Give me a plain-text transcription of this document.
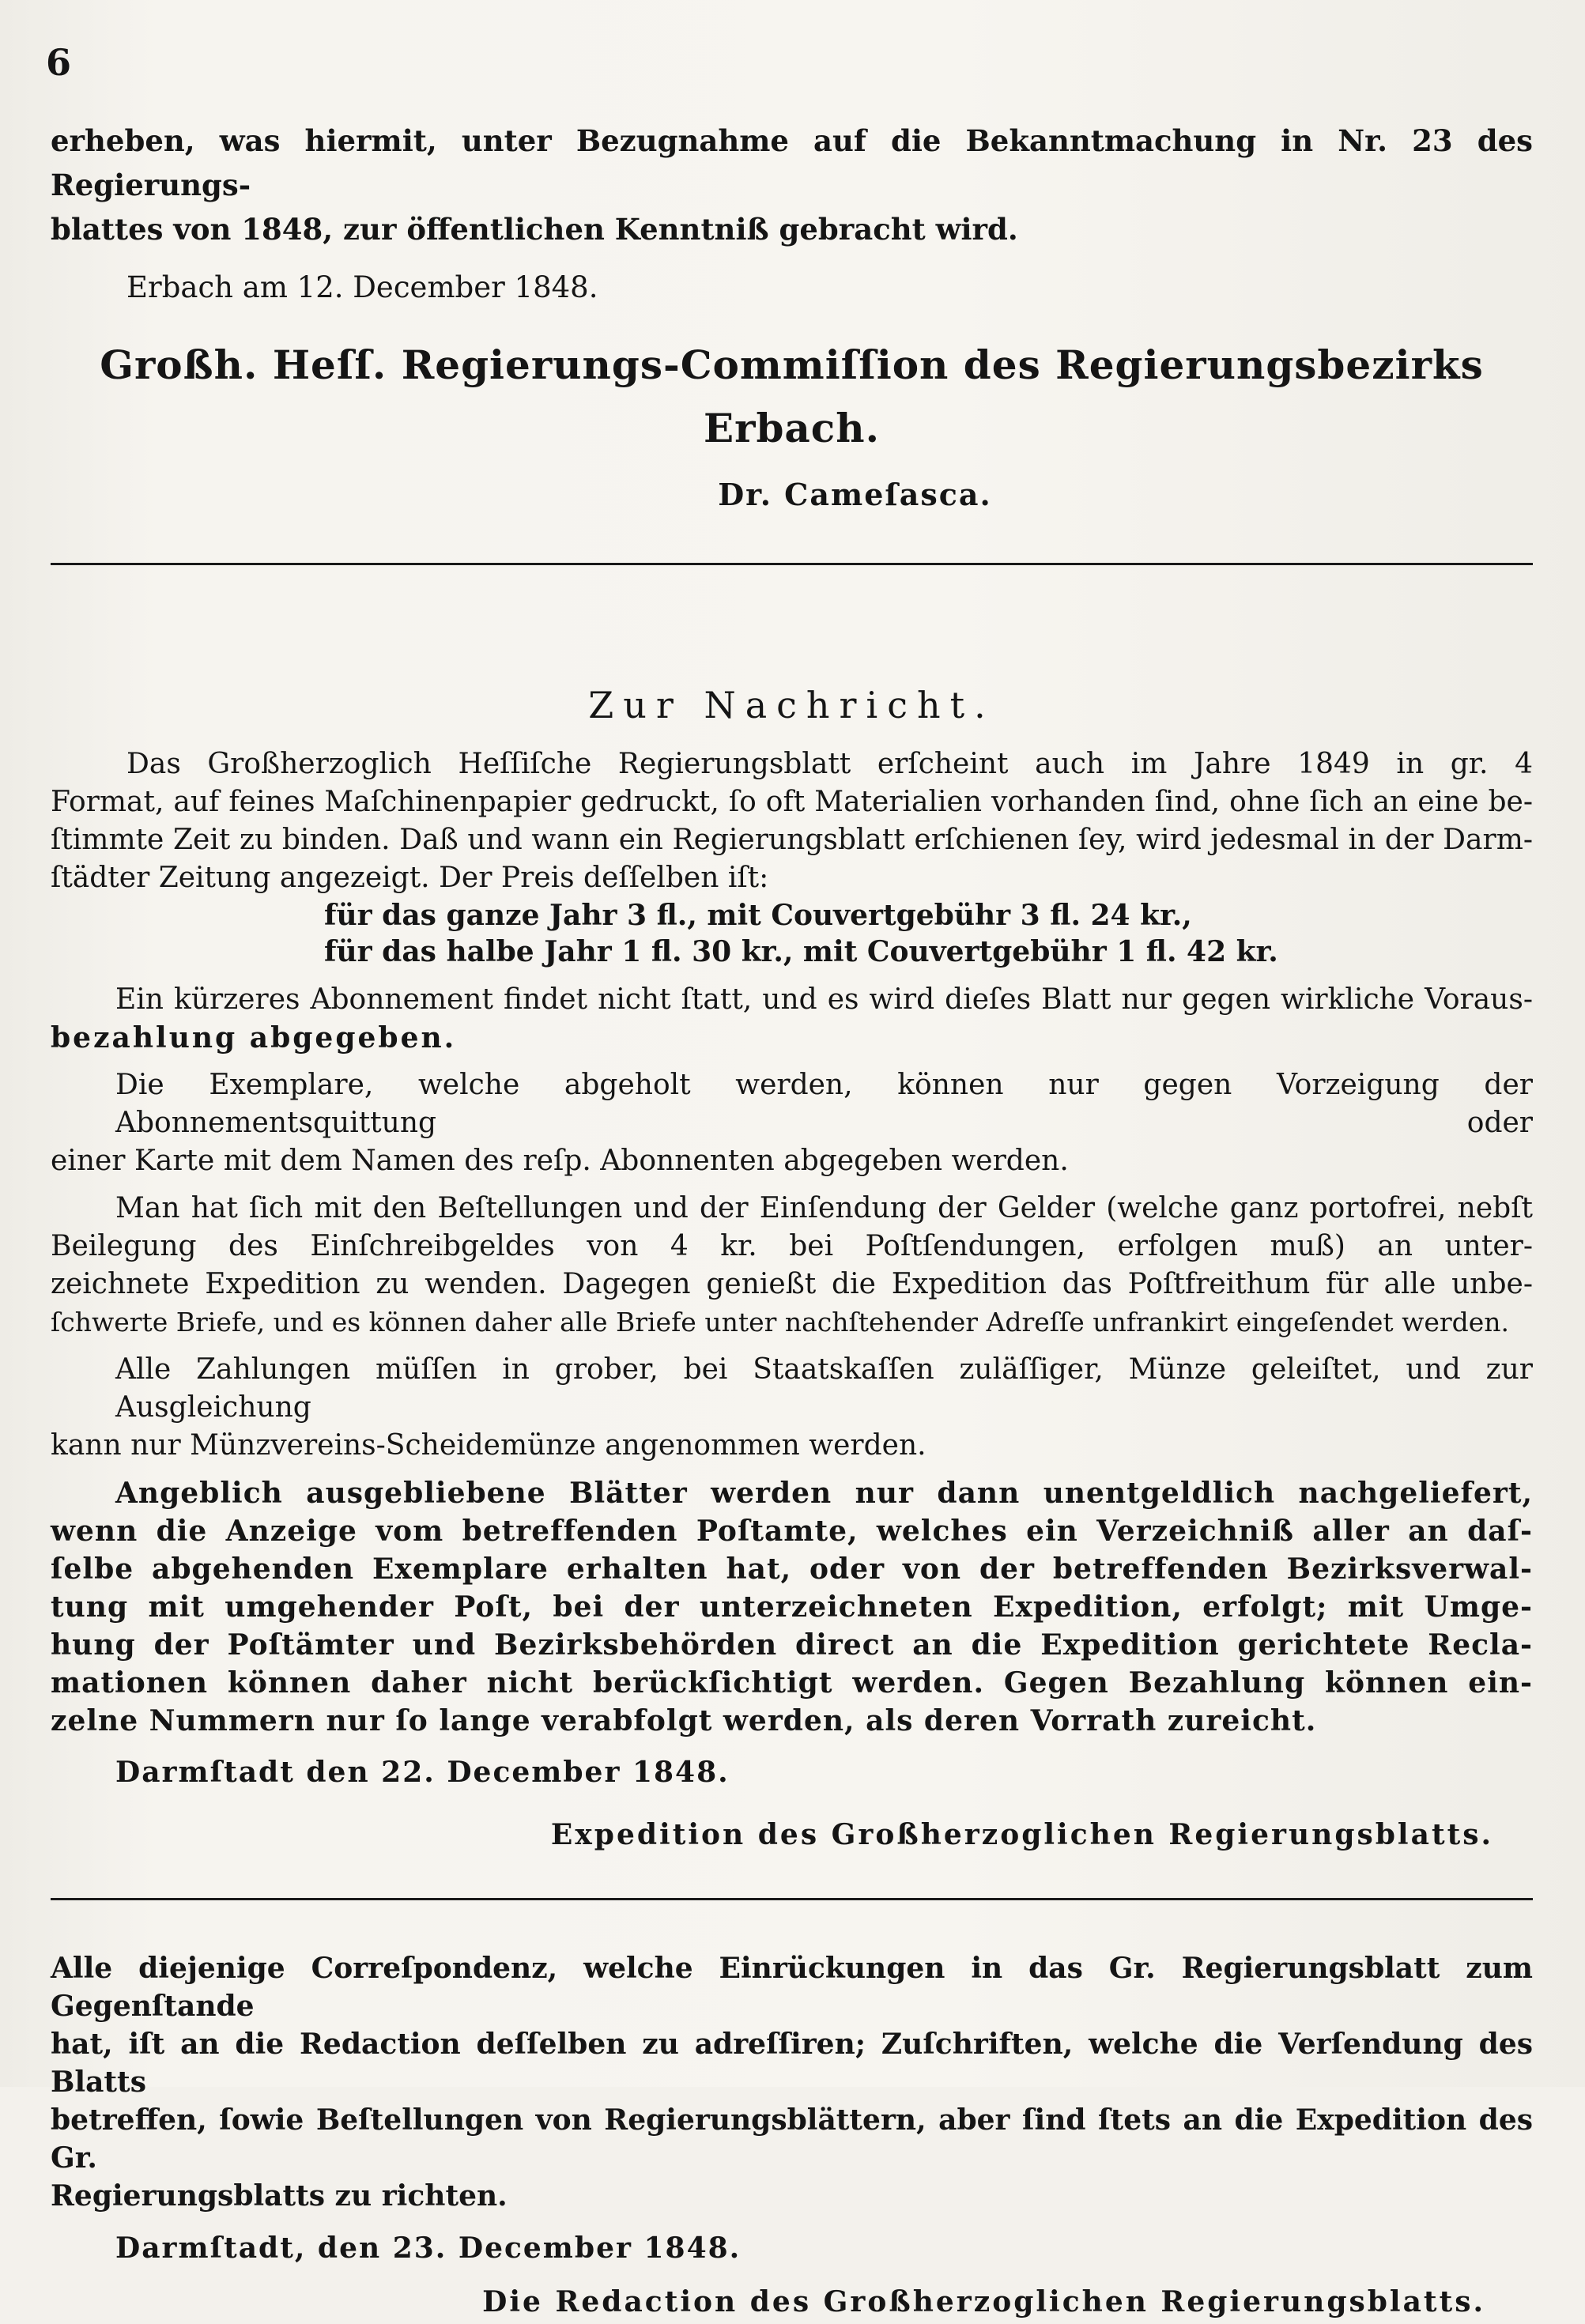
6
erheben, was hiermit, unter Bezugnahme auf die Bekanntmachung in Nr. 23 des Regierungs-
blattes von 1848, zur öffentlichen Kenntniß gebracht wird.

Erbach am 12. December 1848.

Großh. Heſſ. Regierungs-Commiſſion des Regierungsbezirks Erbach.

Dr. Cameſasca.

Zur Nachricht.

Das Großherzoglich Heſſiſche Regierungsblatt erſcheint auch im Jahre 1849 in gr. 4
Format, auf feines Maſchinenpapier gedruckt, ſo oft Materialien vorhanden ſind, ohne ſich an eine be-
ſtimmte Zeit zu binden. Daß und wann ein Regierungsblatt erſchienen ſey, wird jedesmal in der Darm-
ſtädter Zeitung angezeigt. Der Preis deſſelben iſt:

für das ganze Jahr 3 fl., mit Couvertgebühr 3 fl. 24 kr.,

für das halbe Jahr 1 fl. 30 kr., mit Couvertgebühr 1 fl. 42 kr.

Ein kürzeres Abonnement findet nicht ſtatt, und es wird dieſes Blatt nur gegen wirkliche Voraus-
bezahlung abgegeben.
Die Exemplare, welche abgeholt werden, können nur gegen Vorzeigung der Abonnementsquittung oder
einer Karte mit dem Namen des reſp. Abonnenten abgegeben werden.
Man hat ſich mit den Beſtellungen und der Einſendung der Gelder (welche ganz portofrei, nebſt
Beilegung des Einſchreibgeldes von 4 kr. bei Poſtſendungen, erfolgen muß) an unter-
zeichnete Expedition zu wenden. Dagegen genießt die Expedition das Poſtfreithum für alle unbe-
ſchwerte Briefe, und es können daher alle Briefe unter nachſtehender Adreſſe unfrankirt eingeſendet werden.
Alle Zahlungen müſſen in grober, bei Staatskaſſen zuläſſiger, Münze geleiſtet, und zur Ausgleichung
kann nur Münzvereins-Scheidemünze angenommen werden.
Angeblich ausgebliebene Blätter werden nur dann unentgeldlich nachgeliefert,
wenn die Anzeige vom betreffenden Poſtamte, welches ein Verzeichniß aller an daſ-
ſelbe abgehenden Exemplare erhalten hat, oder von der betreffenden Bezirksverwal-
tung mit umgehender Poſt, bei der unterzeichneten Expedition, erfolgt; mit Umge-
hung der Poſtämter und Bezirksbehörden direct an die Expedition gerichtete Recla-
mationen können daher nicht berückſichtigt werden. Gegen Bezahlung können ein-
zelne Nummern nur ſo lange verabfolgt werden, als deren Vorrath zureicht.

Darmſtadt den 22. December 1848.

Expedition des Großherzoglichen Regierungsblatts.

Alle diejenige Correſpondenz, welche Einrückungen in das Gr. Regierungsblatt zum Gegenſtande
hat, iſt an die Redaction deſſelben zu adreſſiren; Zuſchriften, welche die Verſendung des Blatts
betreffen, ſowie Beſtellungen von Regierungsblättern, aber ſind ſtets an die Expedition des Gr.
Regierungsblatts zu richten.

Darmſtadt, den 23. December 1848.

Die Redaction des Großherzoglichen Regierungsblatts.
